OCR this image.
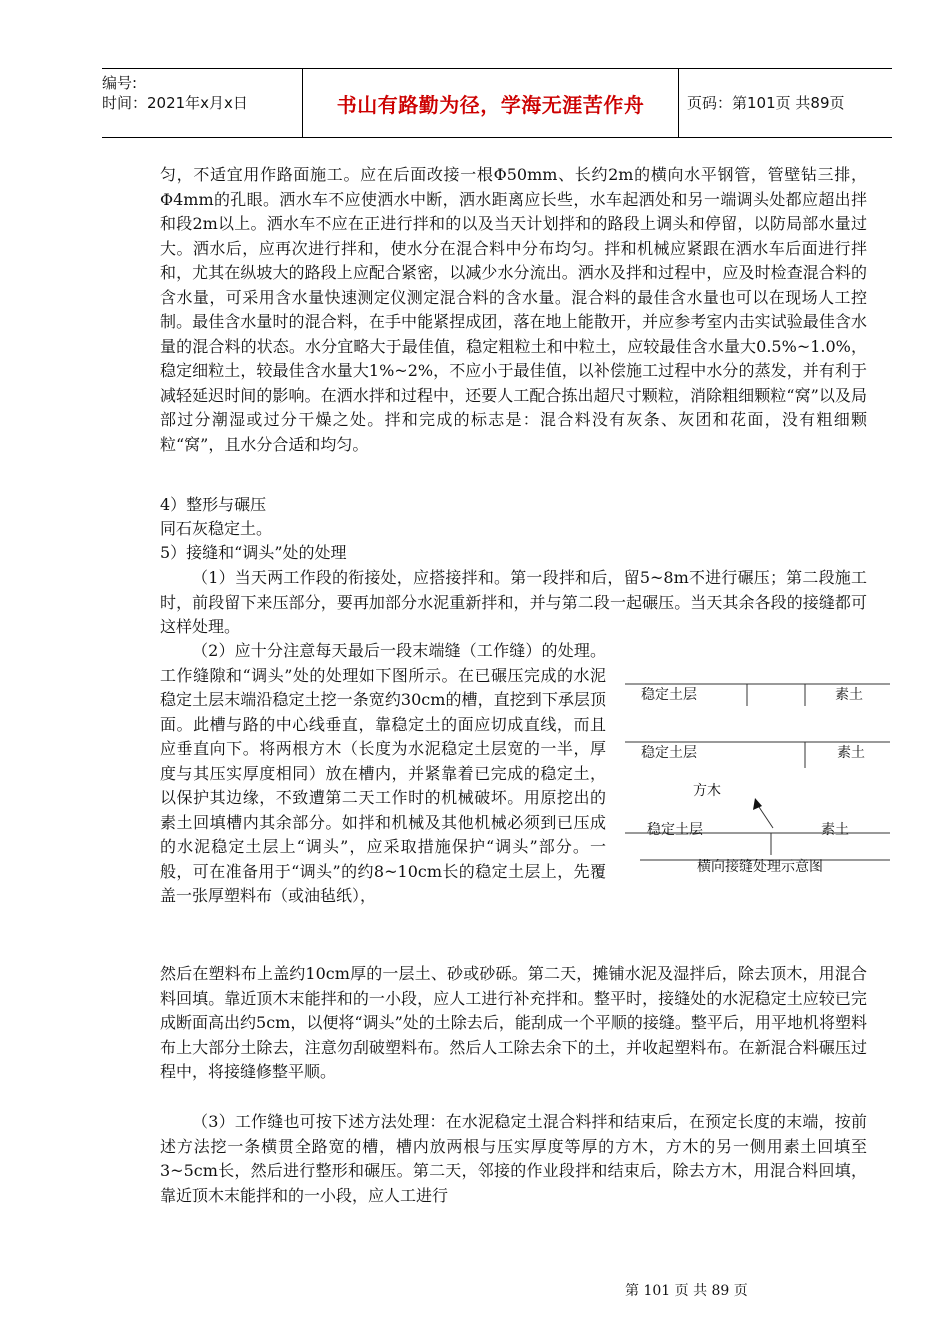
编号:
时间：2021年x月x日	书山有路勤为径，学海无涯苦作舟	页码：第101页 共89页

匀，不适宜用作路面施工。应在后面改接一根Φ50mm、长约2m的横向水平钢管，管壁钻三排，Φ4mm的孔眼。洒水车不应使洒水中断，洒水距离应长些，水车起洒处和另一端调头处都应超出拌和段2m以上。洒水车不应在正进行拌和的以及当天计划拌和的路段上调头和停留，以防局部水量过大。洒水后，应再次进行拌和，使水分在混合料中分布均匀。拌和机械应紧跟在洒水车后面进行拌和，尤其在纵坡大的路段上应配合紧密，以减少水分流出。洒水及拌和过程中，应及时检查混合料的含水量，可采用含水量快速测定仪测定混合料的含水量。混合料的最佳含水量也可以在现场人工控制。最佳含水量时的混合料，在手中能紧捏成团，落在地上能散开，并应参考室内击实试验最佳含水量的混合料的状态。水分宜略大于最佳值，稳定粗粒土和中粒土，应较最佳含水量大0.5%~1.0%，稳定细粒土，较最佳含水量大1%~2%，不应小于最佳值，以补偿施工过程中水分的蒸发，并有利于减轻延迟时间的影响。在洒水拌和过程中，还要人工配合拣出超尺寸颗粒，消除粗细颗粒“窝”以及局部过分潮湿或过分干燥之处。拌和完成的标志是：混合料没有灰条、灰团和花面，没有粗细颗粒“窝”，且水分合适和均匀。

4）整形与碾压

同石灰稳定土。

5）接缝和“调头”处的处理

（1）当天两工作段的衔接处，应搭接拌和。第一段拌和后，留5~8m不进行碾压；第二段施工时，前段留下来压部分，要再加部分水泥重新拌和，并与第二段一起碾压。当天其余各段的接缝都可这样处理。

（2）应十分注意每天最后一段末端缝（工作缝）的处理。工作缝隙和“调头”处的处理如下图所示。在已碾压完成的水泥稳定土层末端沿稳定土挖一条宽约30cm的槽，直挖到下承层顶面。此槽与路的中心线垂直，靠稳定土的面应切成直线，而且应垂直向下。将两根方木（长度为水泥稳定土层宽的一半，厚度与其压实厚度相同）放在槽内，并紧靠着已完成的稳定土，以保护其边缘，不致遭第二天工作时的机械破坏。用原挖出的素土回填槽内其余部分。如拌和机械及其他机械必须到已压成的水泥稳定土层上“调头”，应采取措施保护“调头”部分。一般，可在准备用于“调头”的约8~10cm长的稳定土层上，先覆盖一张厚塑料布（或油毡纸），

然后在塑料布上盖约10cm厚的一层土、砂或砂砾。第二天，摊铺水泥及湿拌后，除去顶木，用混合料回填。靠近顶木末能拌和的一小段，应人工进行补充拌和。整平时，接缝处的水泥稳定土应较已完成断面高出约5cm，以便将“调头”处的土除去后，能刮成一个平顺的接缝。整平后，用平地机将塑料布上大部分土除去，注意勿刮破塑料布。然后人工除去余下的土，并收起塑料布。在新混合料碾压过程中，将接缝修整平顺。

（3）工作缝也可按下述方法处理：在水泥稳定土混合料拌和结束后，在预定长度的末端，按前述方法挖一条横贯全路宽的槽，槽内放两根与压实厚度等厚的方木，方木的另一侧用素土回填至3~5cm长，然后进行整形和碾压。第二天，邻接的作业段拌和结束后，除去方木，用混合料回填，靠近顶木末能拌和的一小段，应人工进行

稳定土层	素土
稳定土层	素土
方木
稳定土层	素土
横向接缝处理示意图
第 101 页 共 89 页
